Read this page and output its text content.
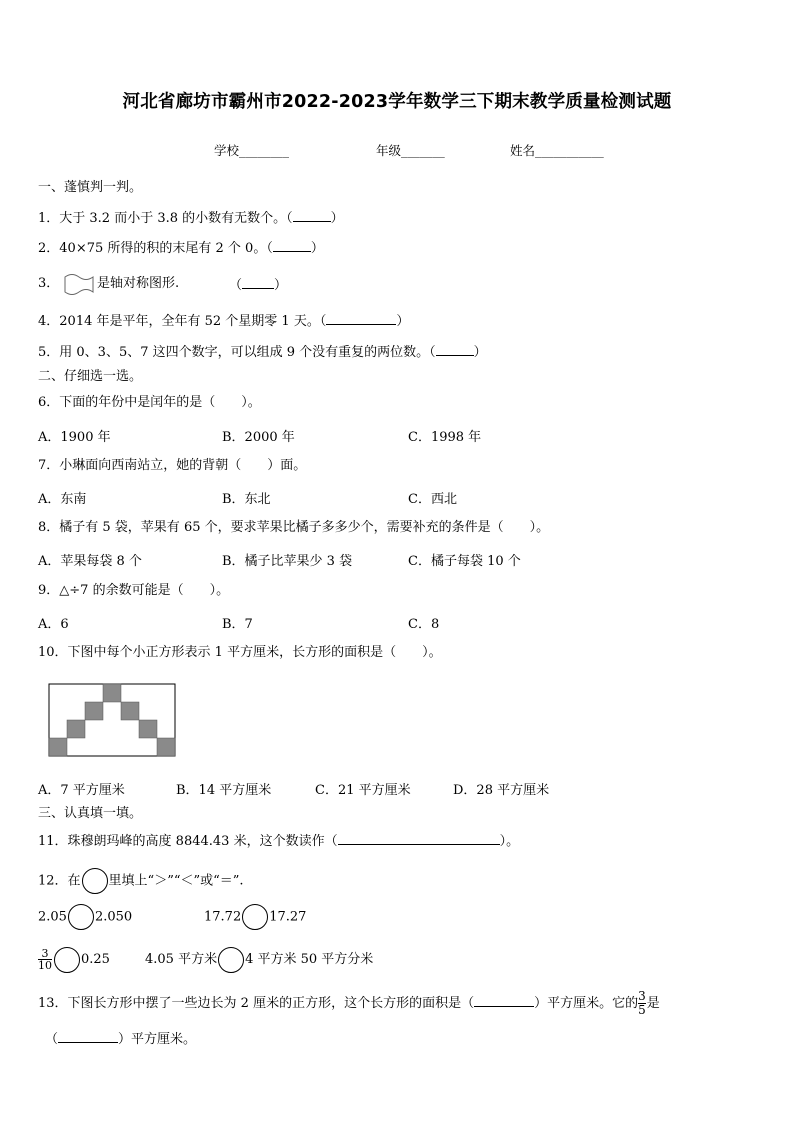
河北省廊坊市霸州市2022-2023学年数学三下期末教学质量检测试题
学校________	年级_______	姓名___________
一、蓬慎判一判。
1．大于 3.2 而小于 3.8 的小数有无数个。（	）
2．40×75 所得的积的末尾有 2 个 0。（	）
3．	是轴对称图形.	（ ）
4．2014 年是平年，全年有 52 个星期零 1 天。（	）
5．用 0、3、5、7 这四个数字，可以组成 9 个没有重复的两位数。（	）
二、仔细选一选。
6．下面的年份中是闰年的是（　　）。
A．1900 年	B．2000 年	C．1998 年
7．小琳面向西南站立，她的背朝（　　）面。
A．东南	B．东北	C．西北
8．橘子有 5 袋，苹果有 65 个，要求苹果比橘子多多少个，需要补充的条件是（　　）。
A．苹果每袋 8 个	B．橘子比苹果少 3 袋	C．橘子每袋 10 个
9．△÷7 的余数可能是（　　）。
A．6	B．7	C．8
10．下图中每个小正方形表示 1 平方厘米，长方形的面积是（　　）。
A．7 平方厘米	B．14 平方厘米	C．21 平方厘米	D．28 平方厘米
三、认真填一填。
11．珠穆朗玛峰的高度 8844.43 米，这个数读作（	）。
12．在 里填上“＞”“＜”或“＝”.
2.05 2.050	17.72 17.27
$\frac{3}{10} 0.25$	4.05 平方米 4 平方米 50 平方分米
13．下图长方形中摆了一些边长为 2 厘米的正方形，这个长方形的面积是（	）平方厘米。它的 $\frac{3}{5}$ 是
（	）平方厘米。
